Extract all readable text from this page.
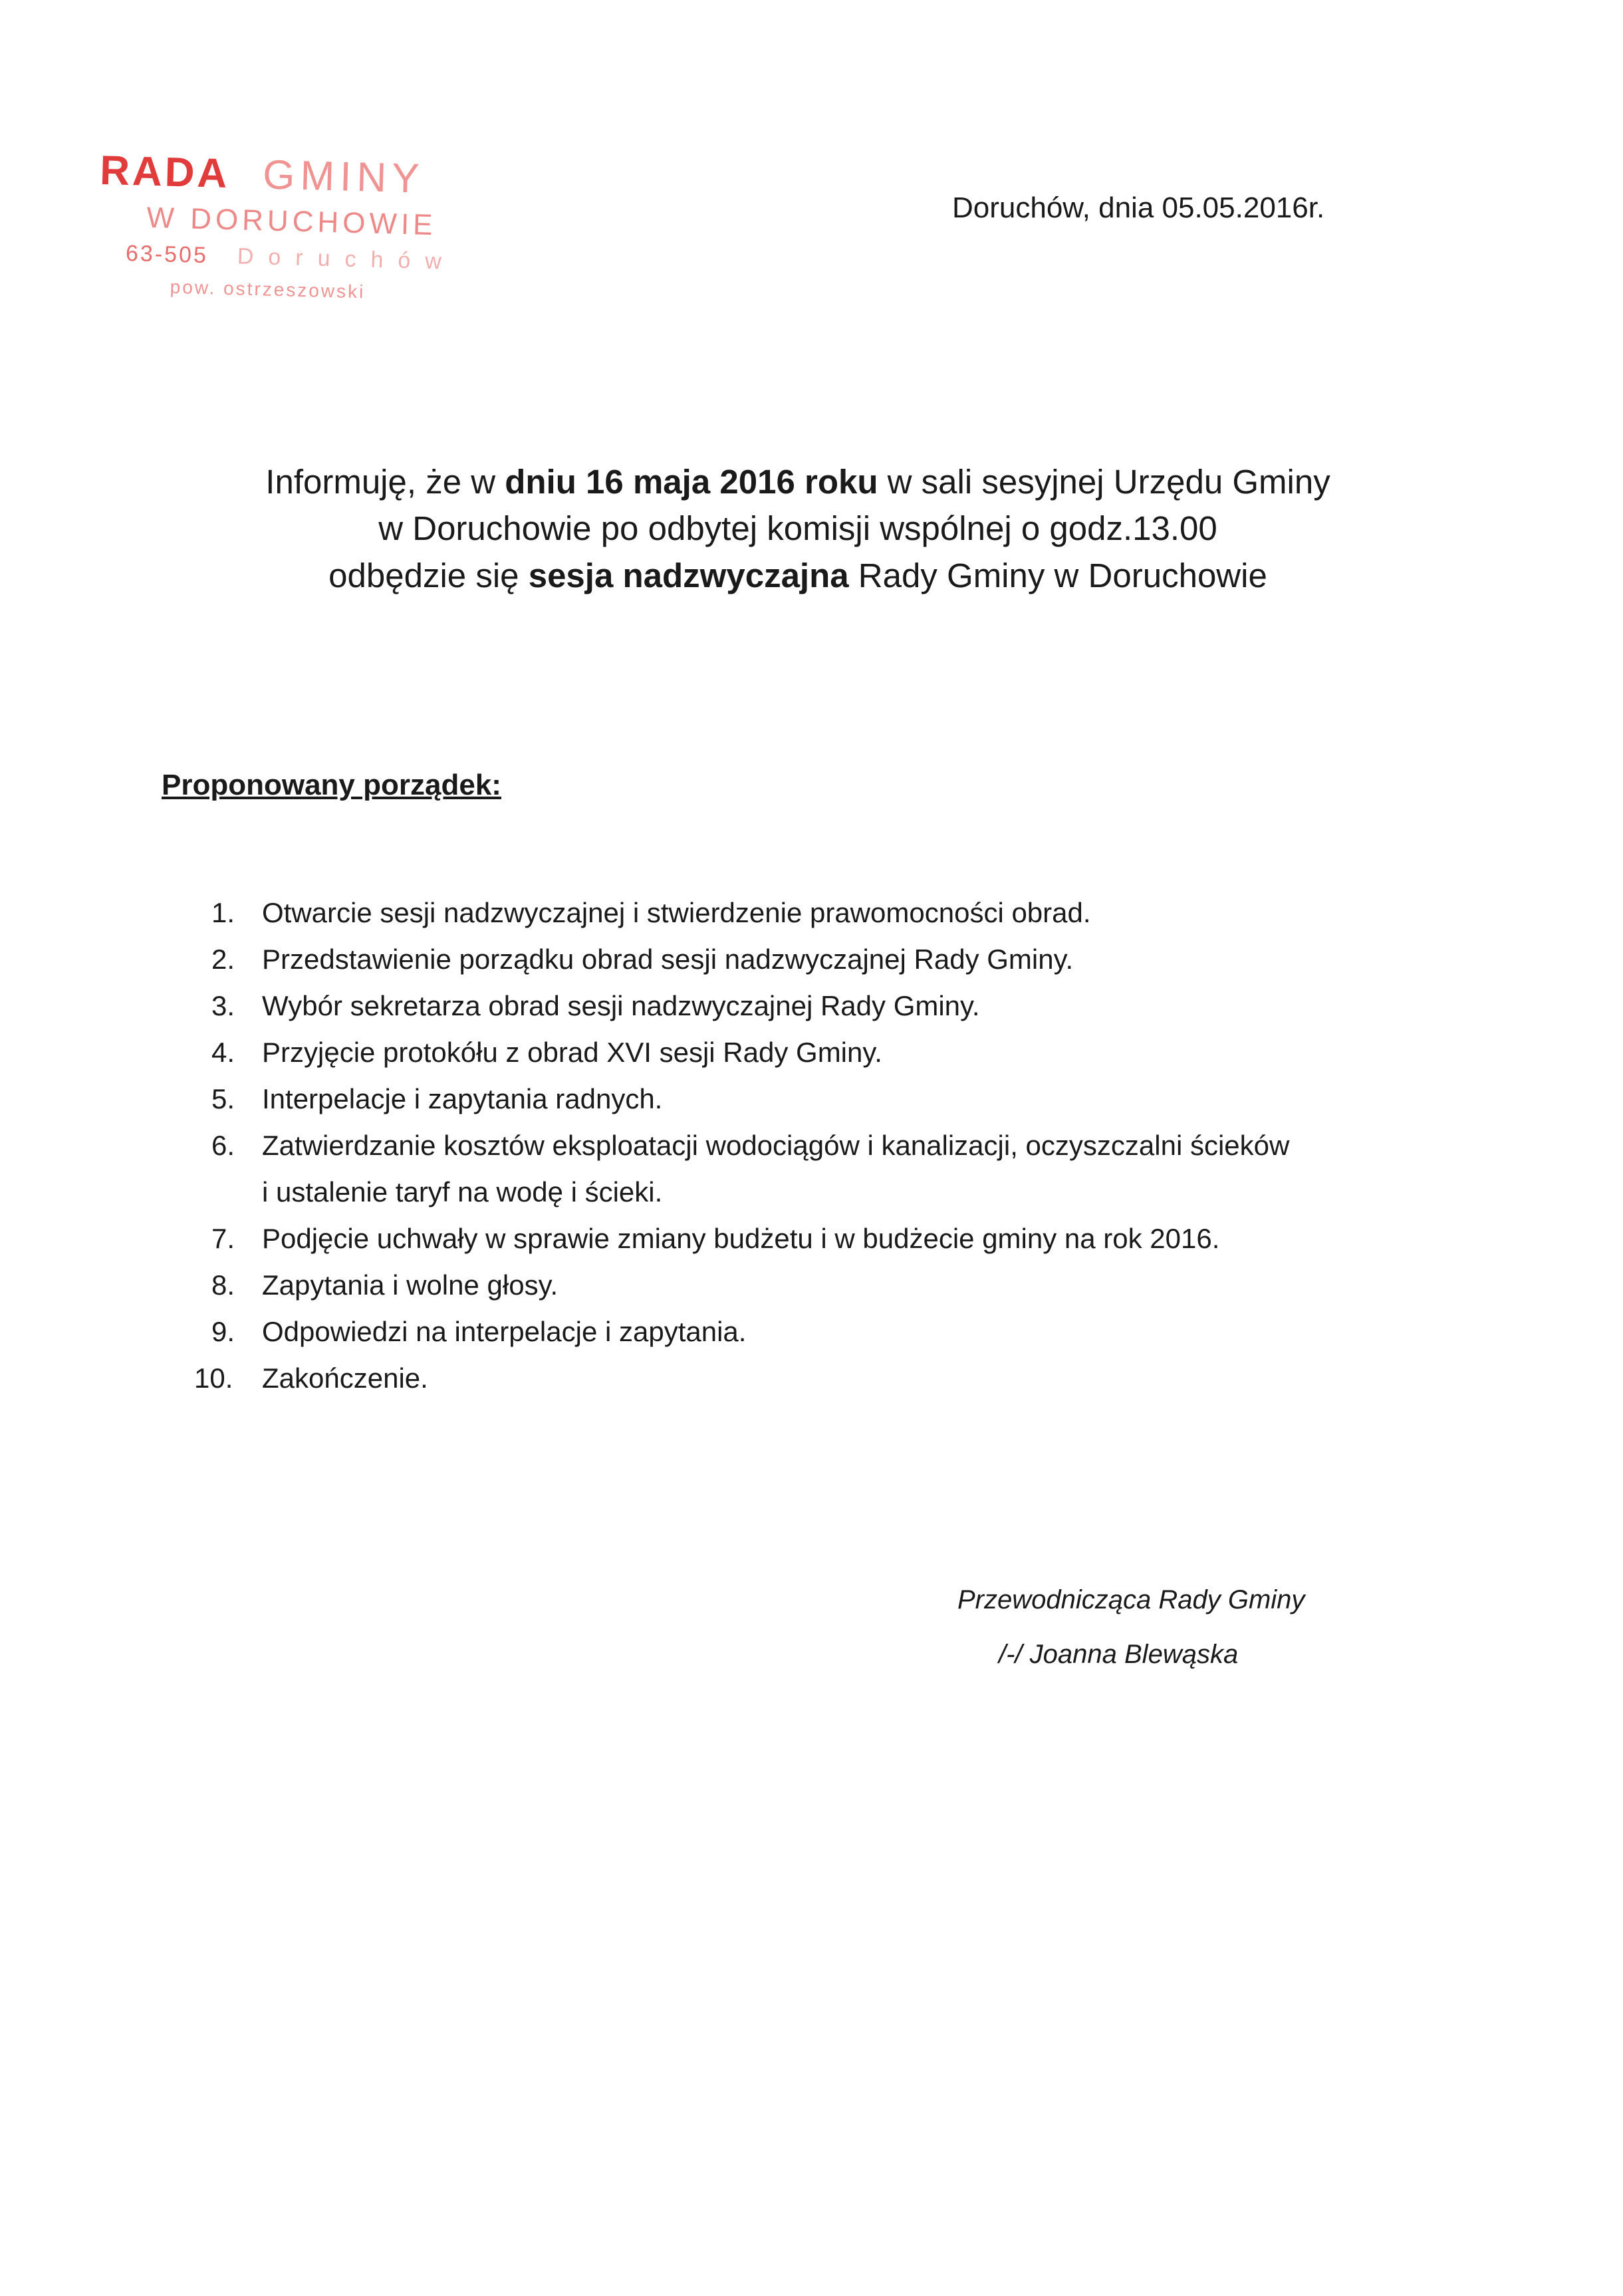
RADA GMINY
W DORUCHOWIE
63-505 Doruchów
pow. ostrzeszowski
Doruchów, dnia 05.05.2016r.
Informuję, że w dniu 16 maja 2016 roku w sali sesyjnej Urzędu Gminy
w Doruchowie po odbytej komisji wspólnej o godz.13.00
odbędzie się sesja nadzwyczajna Rady Gminy w Doruchowie
Proponowany porządek:
1. Otwarcie sesji nadzwyczajnej i stwierdzenie prawomocności obrad.
2. Przedstawienie porządku obrad sesji nadzwyczajnej Rady Gminy.
3. Wybór sekretarza obrad sesji nadzwyczajnej Rady Gminy.
4. Przyjęcie protokółu z obrad XVI sesji Rady Gminy.
5. Interpelacje i zapytania radnych.
6. Zatwierdzanie kosztów eksploatacji wodociągów i kanalizacji, oczyszczalni ścieków
i ustalenie taryf na wodę i ścieki.
7. Podjęcie uchwały w sprawie zmiany budżetu i w budżecie gminy na rok 2016.
8. Zapytania i wolne głosy.
9. Odpowiedzi na interpelacje i zapytania.
10. Zakończenie.
Przewodnicząca Rady Gminy
/-/ Joanna Blewąska
